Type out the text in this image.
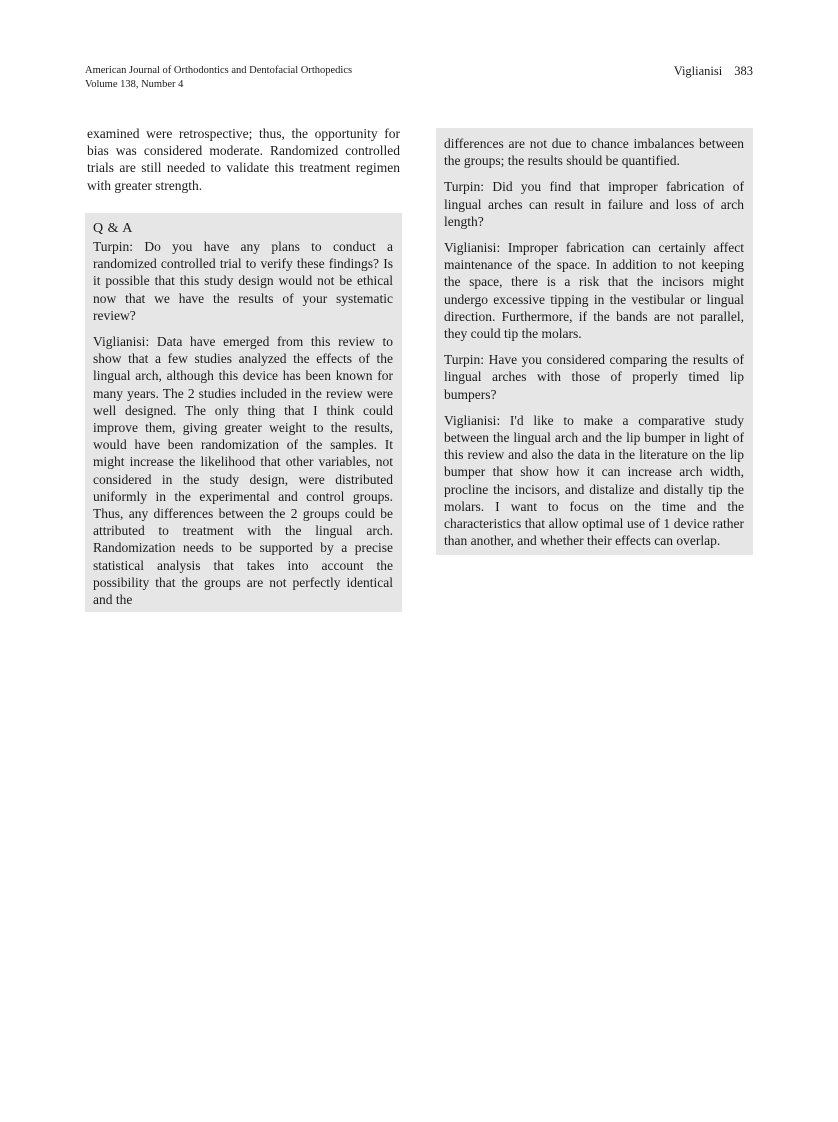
American Journal of Orthodontics and Dentofacial Orthopedics
Volume 138, Number 4
Viglianisi 383

examined were retrospective; thus, the opportunity for bias was considered moderate. Randomized controlled trials are still needed to validate this treatment regimen with greater strength.

Q & A

Turpin: Do you have any plans to conduct a randomized controlled trial to verify these findings? Is it possible that this study design would not be ethical now that we have the results of your systematic review?

Viglianisi: Data have emerged from this review to show that a few studies analyzed the effects of the lingual arch, although this device has been known for many years. The 2 studies included in the review were well designed. The only thing that I think could improve them, giving greater weight to the results, would have been randomization of the samples. It might increase the likelihood that other variables, not considered in the study design, were distributed uniformly in the experimental and control groups. Thus, any differences between the 2 groups could be attributed to treatment with the lingual arch. Randomization needs to be supported by a precise statistical analysis that takes into account the possibility that the groups are not perfectly identical and the

differences are not due to chance imbalances between the groups; the results should be quantified.

Turpin: Did you find that improper fabrication of lingual arches can result in failure and loss of arch length?

Viglianisi: Improper fabrication can certainly affect maintenance of the space. In addition to not keeping the space, there is a risk that the incisors might undergo excessive tipping in the vestibular or lingual direction. Furthermore, if the bands are not parallel, they could tip the molars.

Turpin: Have you considered comparing the results of lingual arches with those of properly timed lip bumpers?

Viglianisi: I'd like to make a comparative study between the lingual arch and the lip bumper in light of this review and also the data in the literature on the lip bumper that show how it can increase arch width, procline the incisors, and distalize and distally tip the molars. I want to focus on the time and the characteristics that allow optimal use of 1 device rather than another, and whether their effects can overlap.
